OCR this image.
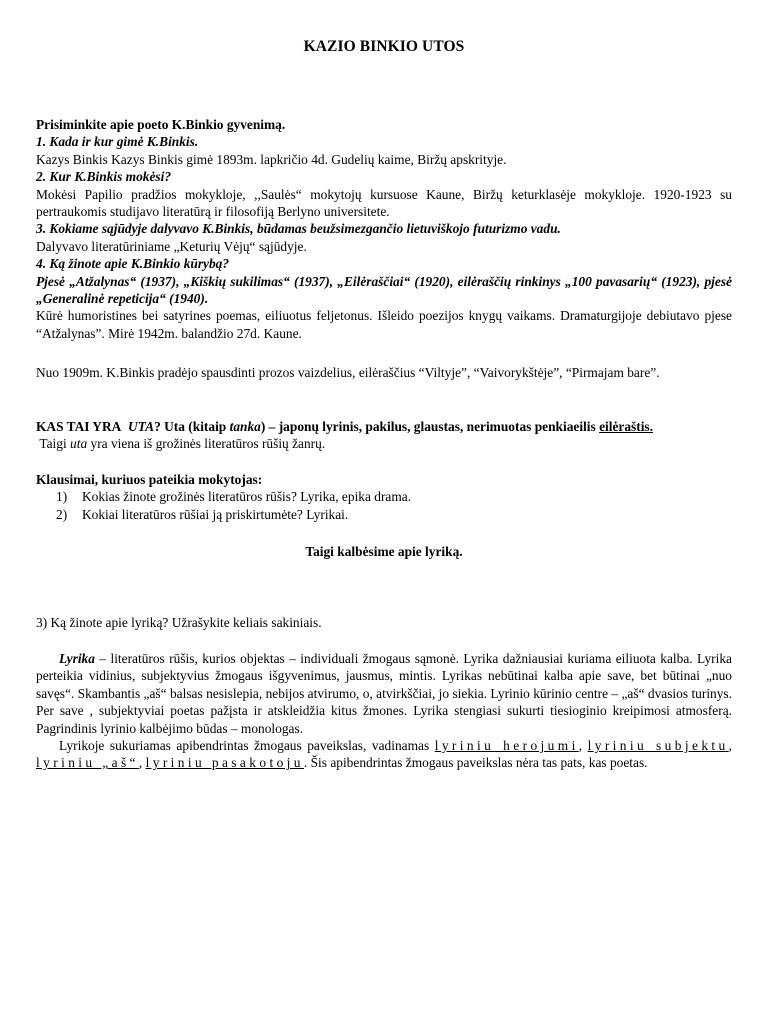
KAZIO BINKIO UTOS

Prisiminkite apie poeto K.Binkio gyvenimą.

1. Kada ir kur gimė K.Binkis.

Kazys Binkis Kazys Binkis gimė 1893m. lapkričio 4d. Gudelių kaime, Biržų apskrityje.

2. Kur K.Binkis mokėsi?

Mokėsi Papilio pradžios mokykloje, ,,Saulės“ mokytojų kursuose Kaune, Biržų keturklasėje mokykloje. 1920-1923 su pertraukomis studijavo literatūrą ir filosofiją Berlyno universitete.

3. Kokiame sąjūdyje dalyvavo K.Binkis, būdamas beužsimezgančio lietuviškojo futurizmo vadu.

Dalyvavo literatūriniame „Keturių Vėjų“ sąjūdyje.

4. Ką žinote apie K.Binkio kūrybą?

Pjesė „Atžalynas“ (1937), „Kiškių sukilimas“ (1937), „Eilėraščiai“ (1920), eilėraščių rinkinys „100 pavasarių“ (1923), pjesė „Generalinė repeticija“ (1940).

Kūrė humoristines bei satyrines poemas, eiliuotus feljetonus. Išleido poezijos knygų vaikams. Dramaturgijoje debiutavo pjese “Atžalynas”. Mirė 1942m. balandžio 27d. Kaune.

Nuo 1909m. K.Binkis pradėjo spausdinti prozos vaizdelius, eilėraščius “Viltyje”, “Vaivorykštėje”, “Pirmajam bare”.

KAS TAI YRA UTA? Uta (kitaip tanka) – japonų lyrinis, pakilus, glaustas, nerimuotas penkiaeilis eilėraštis.

Taigi uta yra viena iš grožinės literatūros rūšių žanrų.

Klausimai, kuriuos pateikia mokytojas:

1) Kokias žinote grožinės literatūros rūšis? Lyrika, epika drama.
2) Kokiai literatūros rūšiai ją priskirtumėte? Lyrikai.
Taigi kalbėsime apie lyriką.

3) Ką žinote apie lyriką? Užrašykite keliais sakiniais.

Lyrika – literatūros rūšis, kurios objektas – individuali žmogaus sąmonė. Lyrika dažniausiai kuriama eiliuota kalba. Lyrika perteikia vidinius, subjektyvius žmogaus išgyvenimus, jausmus, mintis. Lyrikas nebūtinai kalba apie save, bet būtinai „nuo savęs“. Skambantis „aš“ balsas nesislepia, nebijos atvirumo, o, atvirkščiai, jo siekia. Lyrinio kūrinio centre – „aš“ dvasios turinys. Per save , subjektyviai poetas pažįsta ir atskleidžia kitus žmones. Lyrika stengiasi sukurti tiesioginio kreipimosi atmosferą. Pagrindinis lyrinio kalbėjimo būdas – monologas.

Lyrikoje sukuriamas apibendrintas žmogaus paveikslas, vadinamas lyriniu herojumi, lyriniu subjektu, lyriniu „aš“, lyriniu pasakotoju. Šis apibendrintas žmogaus paveikslas nėra tas pats, kas poetas.
